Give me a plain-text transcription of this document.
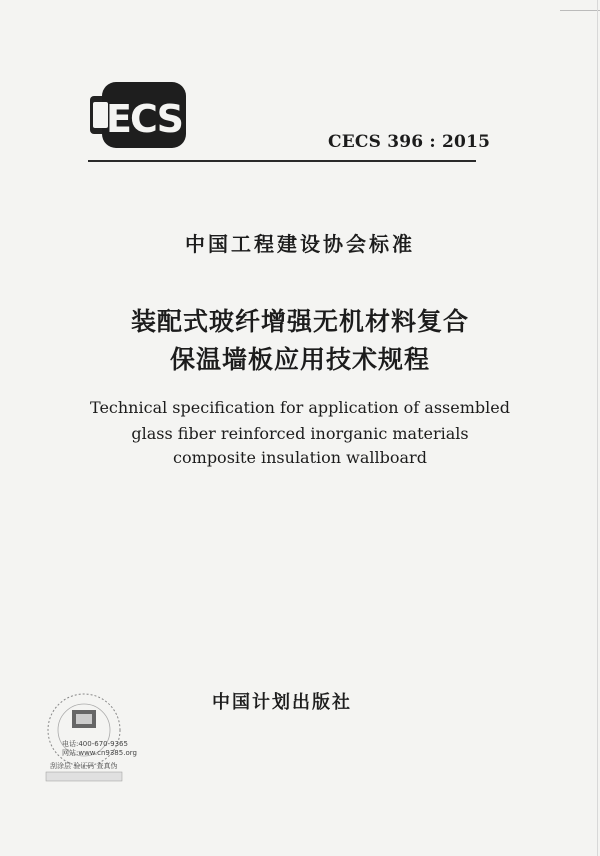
ECS
CECS 396 : 2015
中国工程建设协会标准
装配式玻纤增强无机材料复合
保温墙板应用技术规程
Technical specification for application of assembled
glass fiber reinforced inorganic materials
composite insulation wallboard
电话:400-670-9365
网站:www.cn9385.org
刮涂层 验证码 查真伪
中国计划出版社
